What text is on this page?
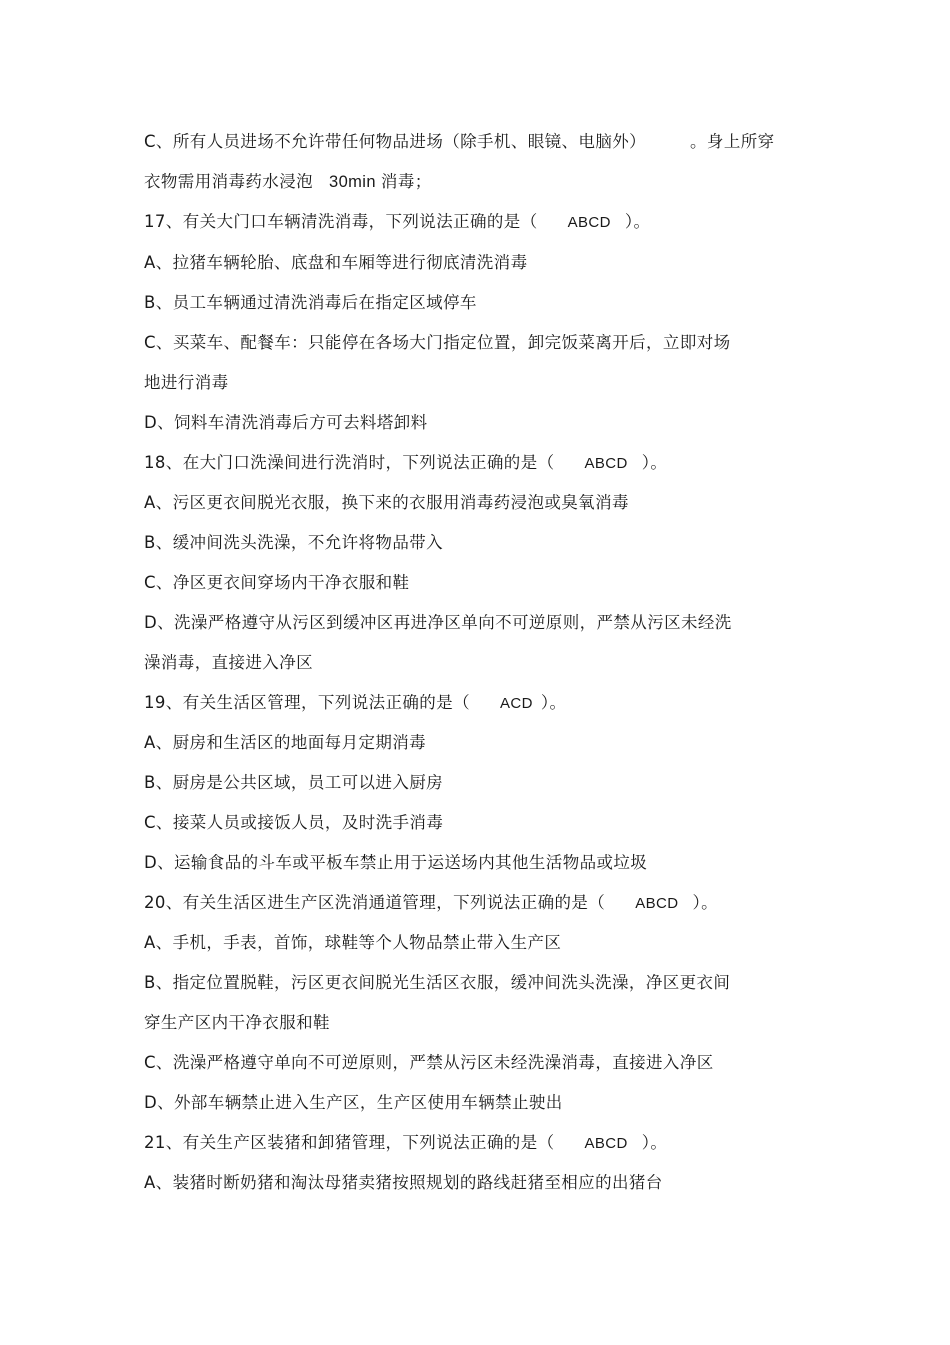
C、所有人员进场不允许带任何物品进场（除手机、眼镜、电脑外）	。身上所穿
衣物需用消毒药水浸泡 30min 消毒；
17、有关大门口车辆清洗消毒，下列说法正确的是（ ABCD ）。
A、拉猪车辆轮胎、底盘和车厢等进行彻底清洗消毒
B、员工车辆通过清洗消毒后在指定区域停车
C、买菜车、配餐车：只能停在各场大门指定位置，卸完饭菜离开后，立即对场
地进行消毒
D、饲料车清洗消毒后方可去料塔卸料
18、在大门口洗澡间进行洗消时，下列说法正确的是（ ABCD ）。
A、污区更衣间脱光衣服，换下来的衣服用消毒药浸泡或臭氧消毒
B、缓冲间洗头洗澡，不允许将物品带入
C、净区更衣间穿场内干净衣服和鞋
D、洗澡严格遵守从污区到缓冲区再进净区单向不可逆原则，严禁从污区未经洗
澡消毒，直接进入净区
19、有关生活区管理，下列说法正确的是（ ACD ）。
A、厨房和生活区的地面每月定期消毒
B、厨房是公共区域，员工可以进入厨房
C、接菜人员或接饭人员，及时洗手消毒
D、运输食品的斗车或平板车禁止用于运送场内其他生活物品或垃圾
20、有关生活区进生产区洗消通道管理，下列说法正确的是（ ABCD ）。
A、手机，手表，首饰，球鞋等个人物品禁止带入生产区
B、指定位置脱鞋，污区更衣间脱光生活区衣服，缓冲间洗头洗澡，净区更衣间
穿生产区内干净衣服和鞋
C、洗澡严格遵守单向不可逆原则，严禁从污区未经洗澡消毒，直接进入净区
D、外部车辆禁止进入生产区，生产区使用车辆禁止驶出
21、有关生产区装猪和卸猪管理，下列说法正确的是（ ABCD ）。
A、装猪时断奶猪和淘汰母猪卖猪按照规划的路线赶猪至相应的出猪台
